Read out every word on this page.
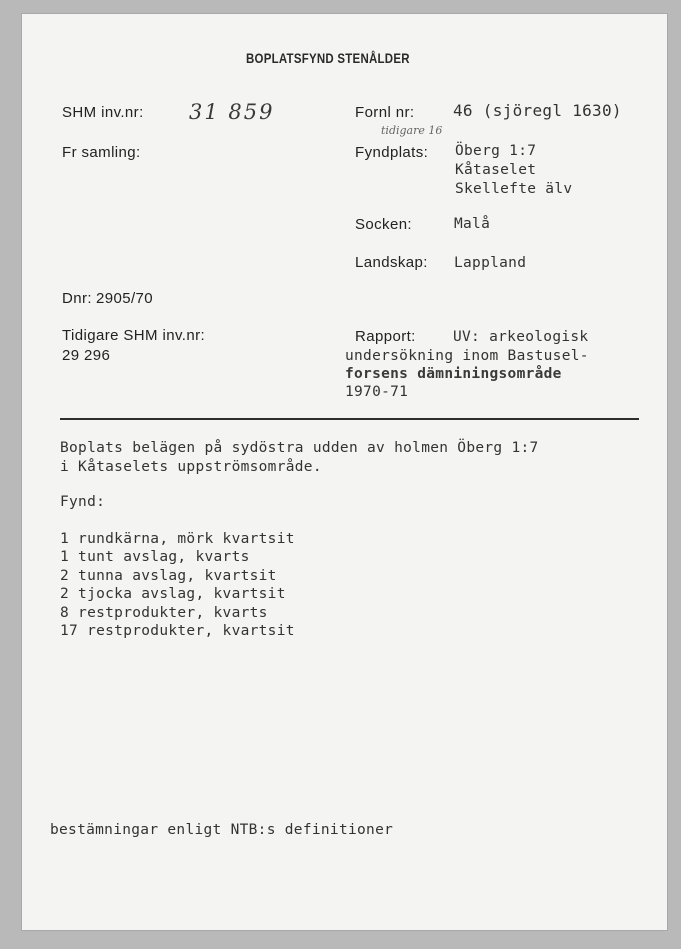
BOPLATSFYND STENÅLDER
SHM inv.nr: 31 859	Fornl nr: 46 (sjöregl 1630)
tidigare 16
Fr samling:	Fyndplats: Öberg 1:7
Kåtaselet
Skellefte älv
Socken:	Malå
Landskap: Lappland
Dnr: 2905/70
Tidigare SHM inv.nr:
29 296
Rapport:	UV: arkeologisk
undersökning inom Bastusel-
forsens dämniningsområde
1970-71
Boplats belägen på sydöstra udden av holmen Öberg 1:7
i Kåtaselets uppströmsområde.
Fynd:
1 rundkärna, mörk kvartsit
1 tunt avslag, kvarts
2 tunna avslag, kvartsit
2 tjocka avslag, kvartsit
8 restprodukter, kvarts
17 restprodukter, kvartsit
bestämningar enligt NTB:s definitioner
